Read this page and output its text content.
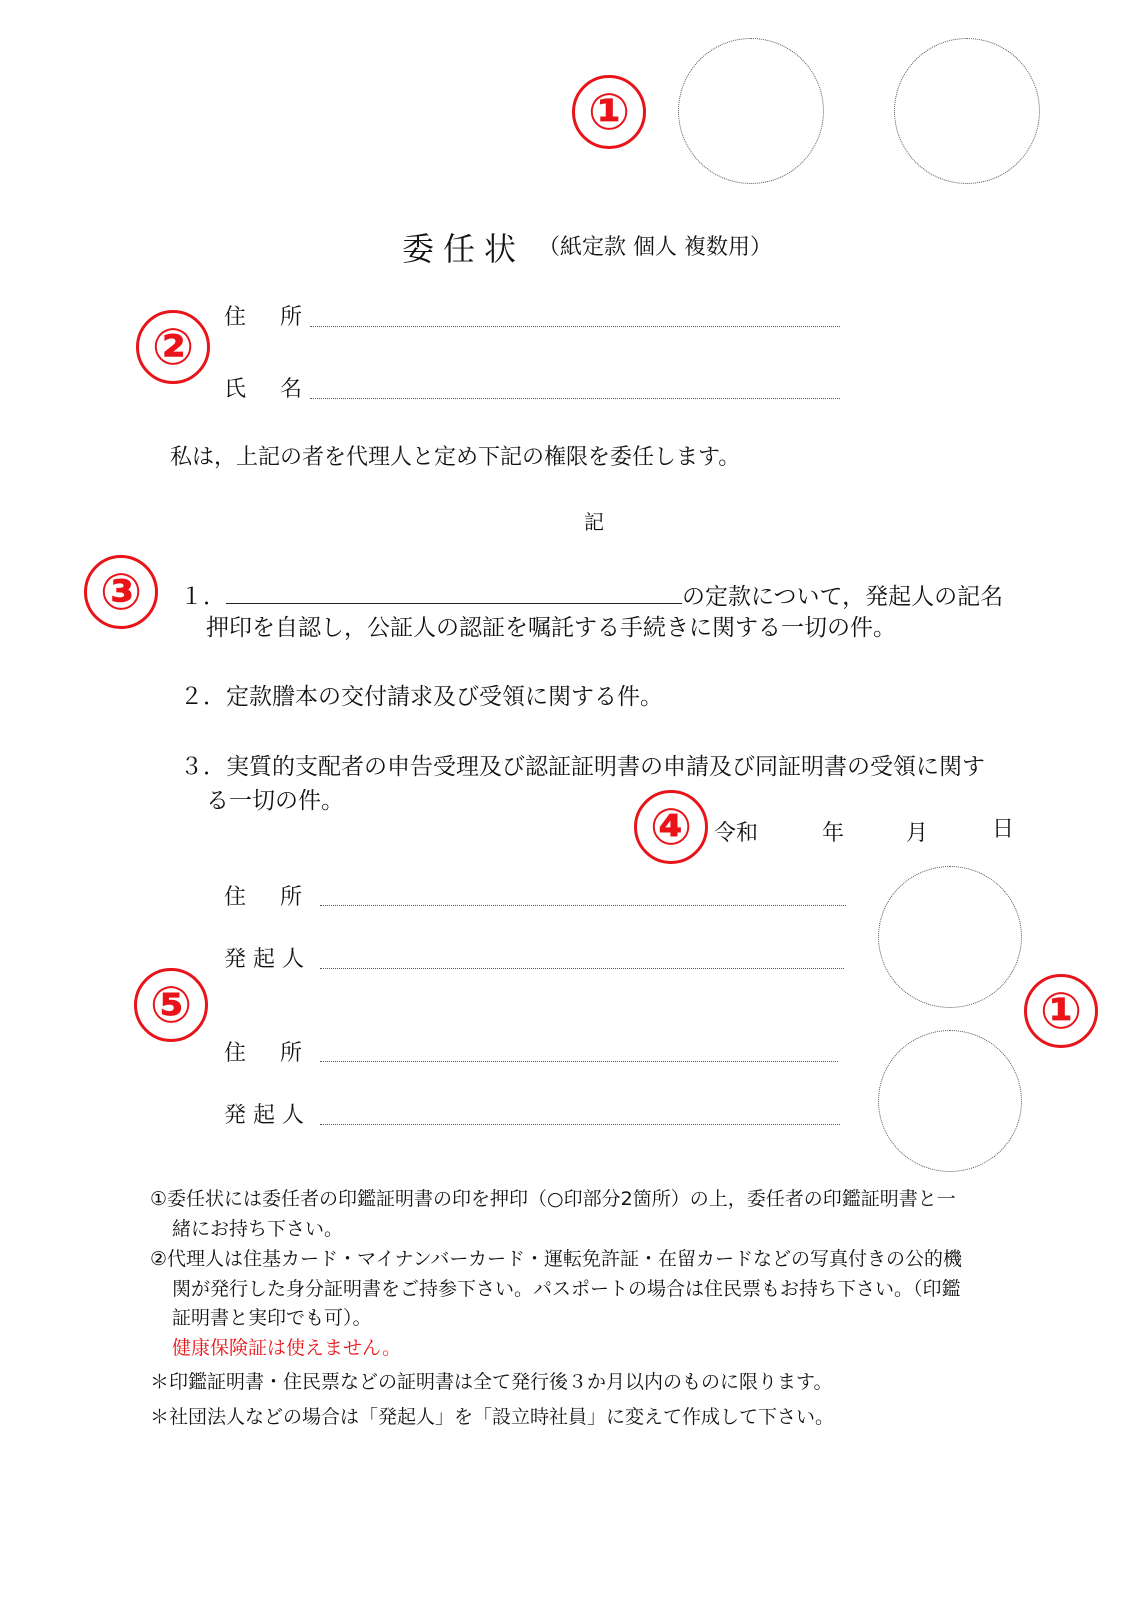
①
委任状 （紙定款 個人 複数用）
②
住　所
氏　名
私は，上記の者を代理人と定め下記の権限を委任します。
記
③	１．	の定款について，発起人の記名
押印を自認し，公証人の認証を嘱託する手続きに関する一切の件。
２．定款謄本の交付請求及び受領に関する件。
３．実質的支配者の申告受理及び認証証明書の申請及び同証明書の受領に関す
る一切の件。	④ 令和	年	月	日
住　所
発 起 人
⑤	①
住　所
発 起 人
①委任状には委任者の印鑑証明書の印を押印（○印部分2箇所）の上，委任者の印鑑証明書と一
緒にお持ち下さい。
②代理人は住基カード・マイナンバーカード・運転免許証・在留カードなどの写真付きの公的機
関が発行した身分証明書をご持参下さい。パスポートの場合は住民票もお持ち下さい。（印鑑
証明書と実印でも可）。
健康保険証は使えません。
＊印鑑証明書・住民票などの証明書は全て発行後３か月以内のものに限ります。
＊社団法人などの場合は「発起人」を「設立時社員」に変えて作成して下さい。
